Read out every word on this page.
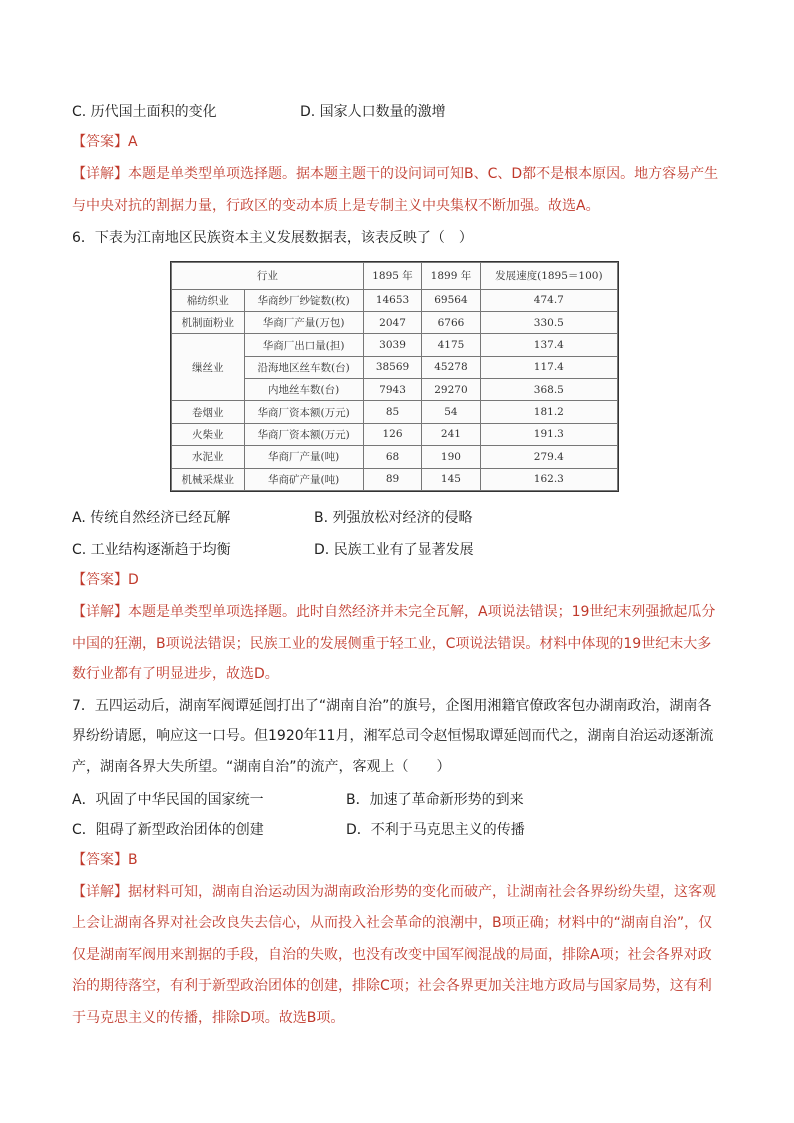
C. 历代国土面积的变化	D. 国家人口数量的激增
【答案】A
【详解】本题是单类型单项选择题。据本题主题干的设问词可知B、C、D都不是根本原因。地方容易产生
与中央对抗的割据力量，行政区的变动本质上是专制主义中央集权不断加强。故选A。
6．下表为江南地区民族资本主义发展数据表，该表反映了（　）
行业		1895 年	1899 年	发展速度(1895＝100)
棉纺织业	华商纱厂纱锭数(枚)	14653	69564	474.7
机制面粉业	华商厂产量(万包)	2047	6766	330.5
缫丝业	华商厂出口量(担)	3039	4175	137.4
	沿海地区丝车数(台)	38569	45278	117.4
	内地丝车数(台)	7943	29270	368.5
卷烟业	华商厂资本额(万元)	85	54	181.2
火柴业	华商厂资本额(万元)	126	241	191.3
水泥业	华商厂产量(吨)	68	190	279.4
机械采煤业	华商矿产量(吨)	89	145	162.3
A. 传统自然经济已经瓦解	B. 列强放松对经济的侵略
C. 工业结构逐渐趋于均衡	D. 民族工业有了显著发展
【答案】D
【详解】本题是单类型单项选择题。此时自然经济并未完全瓦解，A项说法错误；19世纪末列强掀起瓜分
中国的狂潮，B项说法错误；民族工业的发展侧重于轻工业，C项说法错误。材料中体现的19世纪末大多
数行业都有了明显进步，故选D。
7．五四运动后，湖南军阀谭延闿打出了“湖南自治”的旗号，企图用湘籍官僚政客包办湖南政治，湖南各
界纷纷请愿，响应这一口号。但1920年11月，湘军总司令赵恒惕取谭延闿而代之，湖南自治运动逐渐流
产，湖南各界大失所望。“湖南自治”的流产，客观上（　　）
A．巩固了中华民国的国家统一	B．加速了革命新形势的到来
C．阻碍了新型政治团体的创建	D．不利于马克思主义的传播
【答案】B
【详解】据材料可知，湖南自治运动因为湖南政治形势的变化而破产，让湖南社会各界纷纷失望，这客观
上会让湖南各界对社会改良失去信心，从而投入社会革命的浪潮中，B项正确；材料中的“湖南自治”，仅
仅是湖南军阀用来割据的手段，自治的失败，也没有改变中国军阀混战的局面，排除A项；社会各界对政
治的期待落空，有利于新型政治团体的创建，排除C项；社会各界更加关注地方政局与国家局势，这有利
于马克思主义的传播，排除D项。故选B项。
